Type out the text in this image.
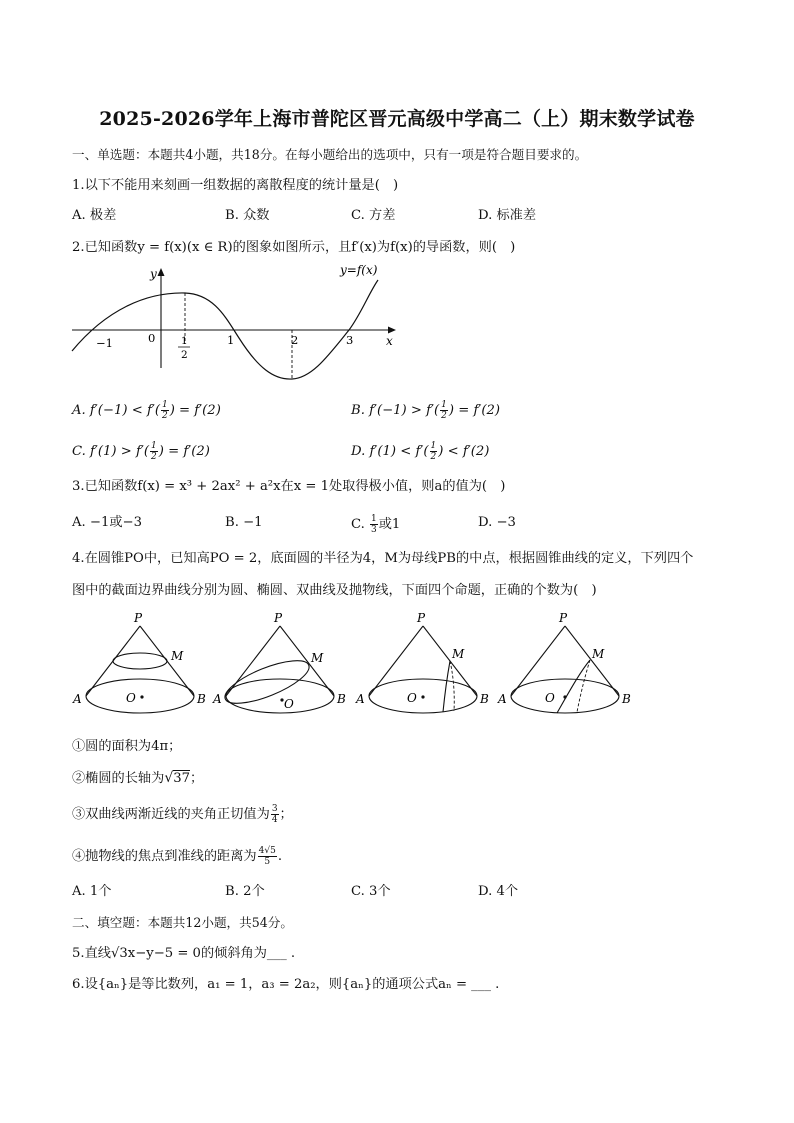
2025-2026学年上海市普陀区晋元高级中学高二（上）期末数学试卷
一、单选题：本题共4小题，共18分。在每小题给出的选项中，只有一项是符合题目要求的。
1.以下不能用来刻画一组数据的离散程度的统计量是(　)
A. 极差	B. 众数	C. 方差	D. 标准差
2.已知函数y = f(x)(x ∈ R)的图象如图所示，且f′(x)为f(x)的导函数，则(　)
y=f(x)
y
x
0
−1	1	2	3
1
2
A. $f'(-1) < f'( \frac{1}{2}$ ) = f′(2)	B. $f'(-1) > f'( \frac{1}{2}$ ) = f′(2)
C. $f'(1) > f'( \frac{1}{2}$ ) = f′(2)	D. $f'(1) < f'( \frac{1}{2}$ ) < f′(2)
3.已知函数f(x) = x³ + 2ax² + a²x在x = 1处取得极小值，则a的值为(　)
A. −1或−3	B. −1	C. $\frac{1}{3}$ 或1	D. −3
4.在圆锥PO中，已知高PO = 2，底面圆的半径为4，M为母线PB的中点，根据圆锥曲线的定义，下列四个
图中的截面边界曲线分别为圆、椭圆、双曲线及抛物线，下面四个命题，正确的个数为(　)
P
M
A	B
O
P
M
A	B
O
P
M
A	B
O
P
M
A	B
O
①圆的面积为4π；
②椭圆的长轴为√37；
③双曲线两渐近线的夹角正切值为 $\frac{3}{4}$ ；
④抛物线的焦点到准线的距离为 $\frac{4√5}{5}$ .
A. 1个	B. 2个	C. 3个	D. 4个
二、填空题：本题共12小题，共54分。
5.直线√3x−y−5 = 0的倾斜角为___ .
6.设{aₙ}是等比数列，a₁ = 1，a₃ = 2a₂，则{aₙ}的通项公式aₙ = ___ .
